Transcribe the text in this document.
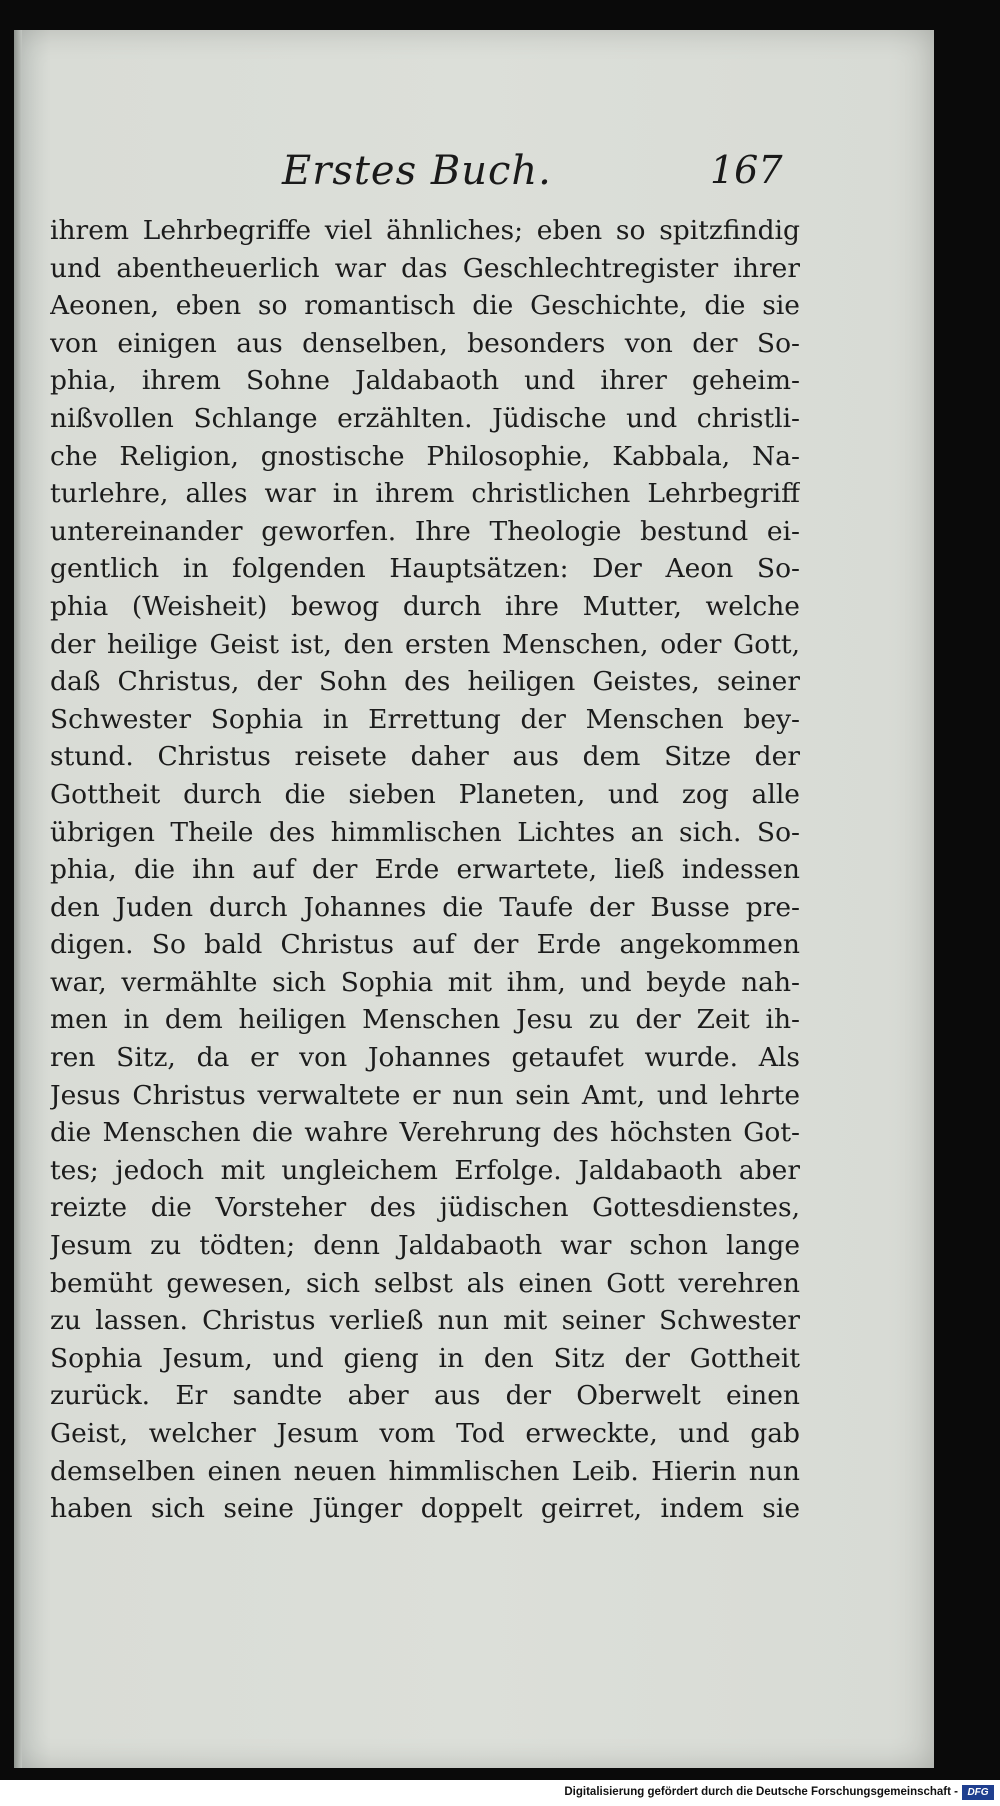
Erstes Buch.	167
ihrem Lehrbegriffe viel ähnliches; eben so spitzfindig
und abentheuerlich war das Geschlechtregister ihrer
Aeonen, eben so romantisch die Geschichte, die sie
von einigen aus denselben, besonders von der So-
phia, ihrem Sohne Jaldabaoth und ihrer geheim-
nißvollen Schlange erzählten. Jüdische und christli-
che Religion, gnostische Philosophie, Kabbala, Na-
turlehre, alles war in ihrem christlichen Lehrbegriff
untereinander geworfen. Ihre Theologie bestund ei-
gentlich in folgenden Hauptsätzen: Der Aeon So-
phia (Weisheit) bewog durch ihre Mutter, welche
der heilige Geist ist, den ersten Menschen, oder Gott,
daß Christus, der Sohn des heiligen Geistes, seiner
Schwester Sophia in Errettung der Menschen bey-
stund. Christus reisete daher aus dem Sitze der
Gottheit durch die sieben Planeten, und zog alle
übrigen Theile des himmlischen Lichtes an sich. So-
phia, die ihn auf der Erde erwartete, ließ indessen
den Juden durch Johannes die Taufe der Busse pre-
digen. So bald Christus auf der Erde angekommen
war, vermählte sich Sophia mit ihm, und beyde nah-
men in dem heiligen Menschen Jesu zu der Zeit ih-
ren Sitz, da er von Johannes getaufet wurde. Als
Jesus Christus verwaltete er nun sein Amt, und lehrte
die Menschen die wahre Verehrung des höchsten Got-
tes; jedoch mit ungleichem Erfolge. Jaldabaoth aber
reizte die Vorsteher des jüdischen Gottesdienstes,
Jesum zu tödten; denn Jaldabaoth war schon lange
bemüht gewesen, sich selbst als einen Gott verehren
zu lassen. Christus verließ nun mit seiner Schwester
Sophia Jesum, und gieng in den Sitz der Gottheit
zurück. Er sandte aber aus der Oberwelt einen
Geist, welcher Jesum vom Tod erweckte, und gab
demselben einen neuen himmlischen Leib. Hierin nun
haben sich seine Jünger doppelt geirret, indem sie
Digitalisierung gefördert durch die Deutsche Forschungsgemeinschaft - DFG
